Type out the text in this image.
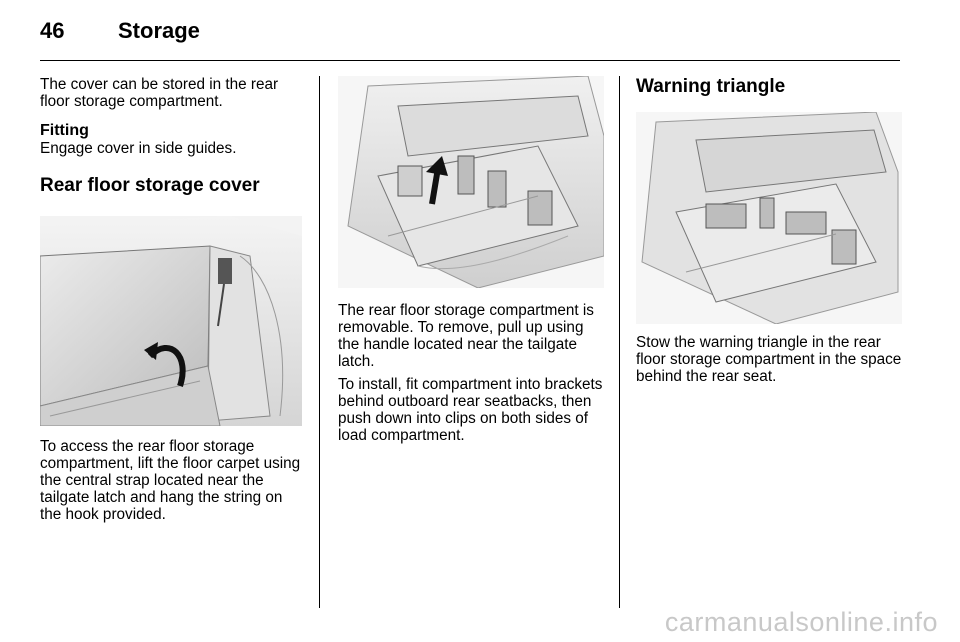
46 Storage

The cover can be stored in the rear floor storage compartment.

Fitting

Engage cover in side guides.

Rear floor storage cover

To access the rear floor storage compartment, lift the floor carpet using the central strap located near the tailgate latch and hang the string on the hook provided.

The rear floor storage compartment is removable. To remove, pull up using the handle located near the tailgate latch.

To install, fit compartment into brackets behind outboard rear seatbacks, then push down into clips on both sides of load compartment.

Warning triangle

Stow the warning triangle in the rear floor storage compartment in the space behind the rear seat.

carmanualsonline.info
